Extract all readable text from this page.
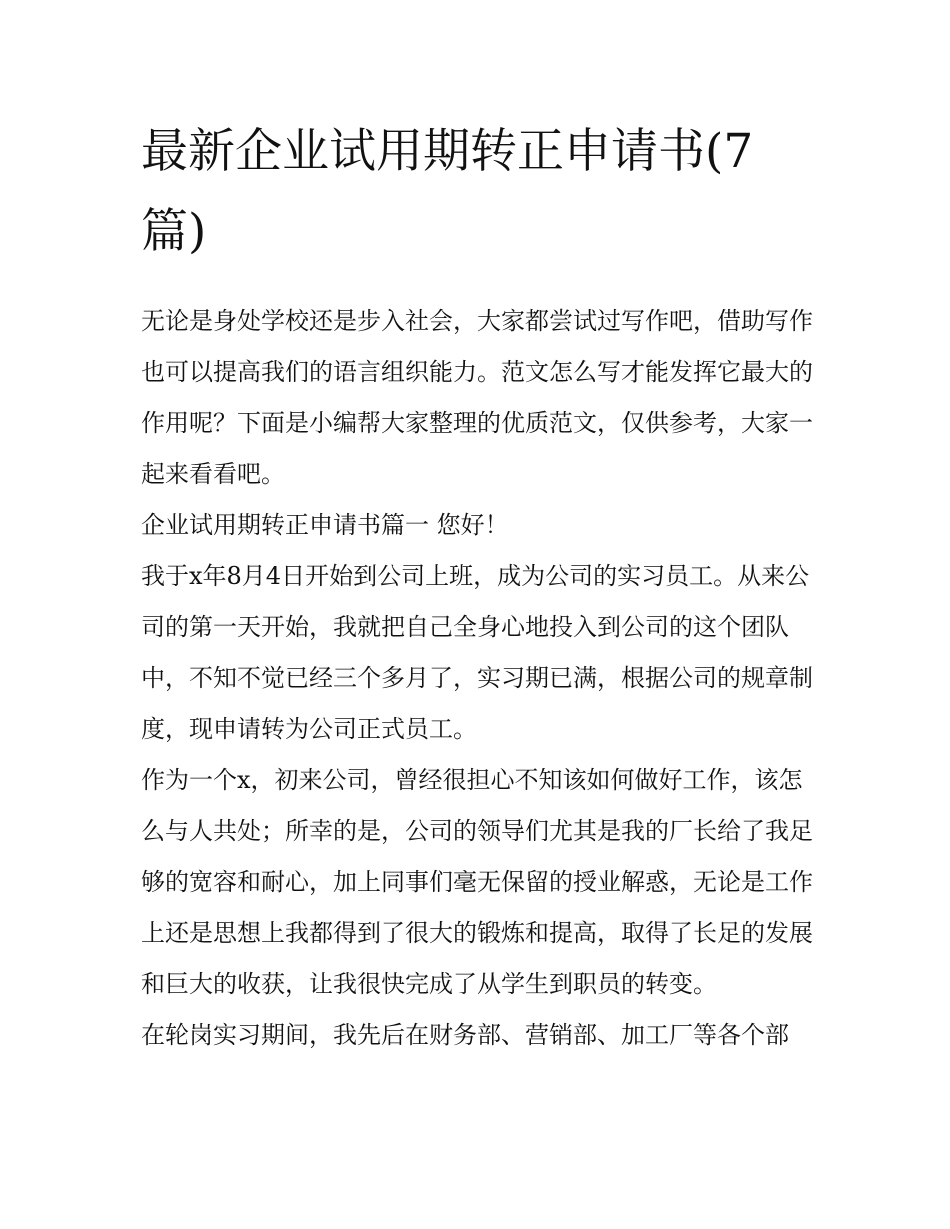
最新企业试用期转正申请书(7篇)

无论是身处学校还是步入社会，大家都尝试过写作吧，借助写作也可以提高我们的语言组织能力。范文怎么写才能发挥它最大的作用呢？下面是小编帮大家整理的优质范文，仅供参考，大家一起来看看吧。

企业试用期转正申请书篇一 您好！

我于x年8月4日开始到公司上班，成为公司的实习员工。从来公司的第一天开始，我就把自己全身心地投入到公司的这个团队中，不知不觉已经三个多月了，实习期已满，根据公司的规章制度，现申请转为公司正式员工。

作为一个x，初来公司，曾经很担心不知该如何做好工作，该怎么与人共处；所幸的是，公司的领导们尤其是我的厂长给了我足够的宽容和耐心，加上同事们毫无保留的授业解惑，无论是工作上还是思想上我都得到了很大的锻炼和提高，取得了长足的发展和巨大的收获，让我很快完成了从学生到职员的转变。

在轮岗实习期间，我先后在财务部、营销部、加工厂等各个部
